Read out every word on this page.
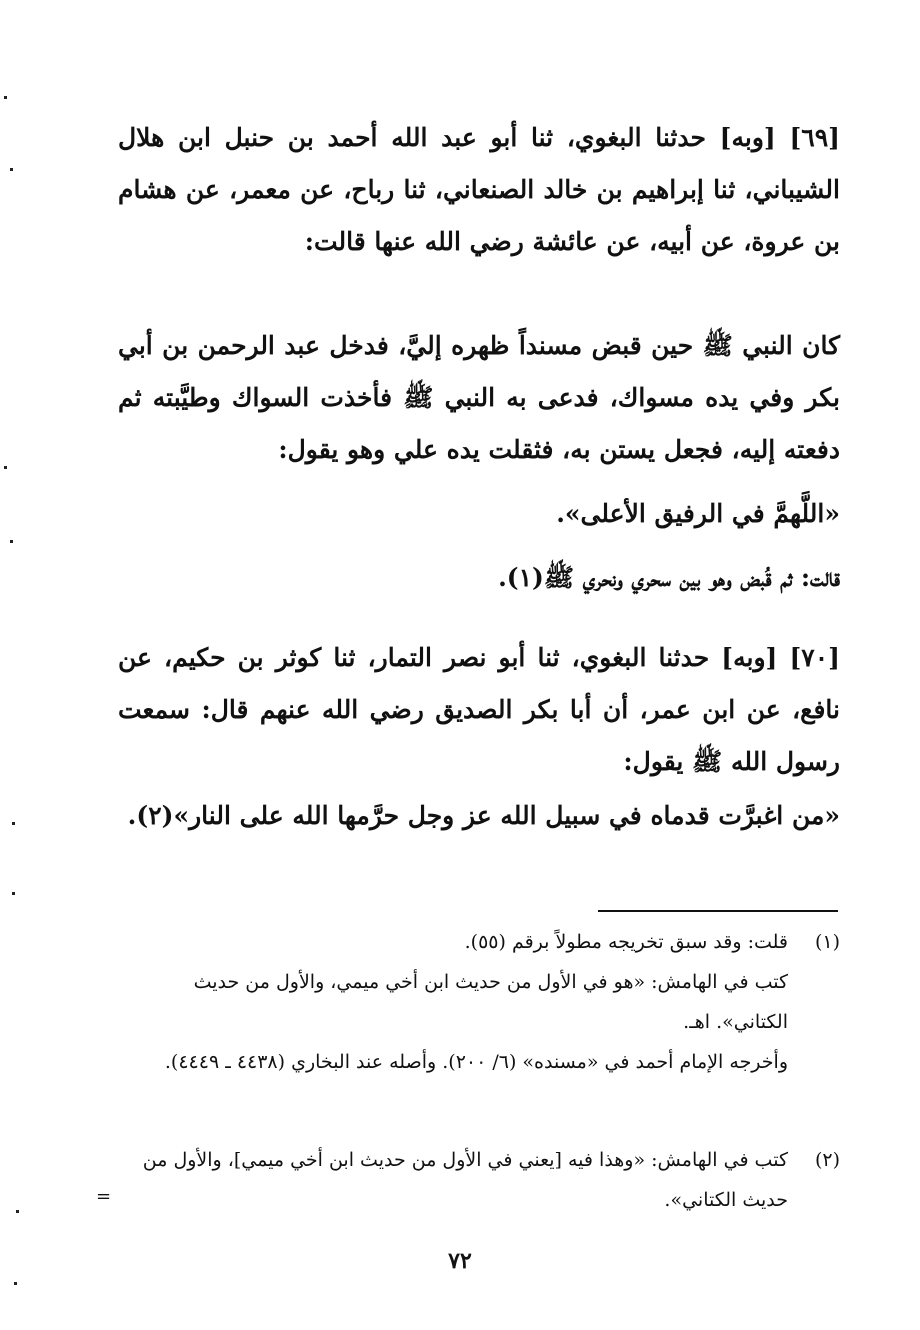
[٦٩] [وبه] حدثنا البغوي، ثنا أبو عبد الله أحمد بن حنبل ابن هلال الشيباني، ثنا إبراهيم بن خالد الصنعاني، ثنا رباح، عن معمر، عن هشام بن عروة، عن أبيه، عن عائشة رضي الله عنها قالت:

كان النبي ﷺ حين قبض مسنداً ظهره إليَّ، فدخل عبد الرحمن بن أبي بكر وفي يده مسواك، فدعى به النبي ﷺ فأخذت السواك وطيَّبته ثم دفعته إليه، فجعل يستن به، فثقلت يده علي وهو يقول:

«اللَّهمَّ في الرفيق الأعلى».

قالت: ثم قُبض وهو بين سحري ونحري ﷺ(١).

[٧٠] [وبه] حدثنا البغوي، ثنا أبو نصر التمار، ثنا كوثر بن حكيم، عن نافع، عن ابن عمر، أن أبا بكر الصديق رضي الله عنهم قال: سمعت رسول الله ﷺ يقول:

«من اغبرَّت قدماه في سبيل الله عز وجل حرَّمها الله على النار»(٢).

(١)
قلت: وقد سبق تخريجه مطولاً برقم (٥٥).
كتب في الهامش: «هو في الأول من حديث ابن أخي ميمي، والأول من حديث الكتاني». اهـ.
وأخرجه الإمام أحمد في «مسنده» (٦/ ٢٠٠). وأصله عند البخاري (٤٤٣٨ ـ ٤٤٤٩).
(٢)
كتب في الهامش: «وهذا فيه [يعني في الأول من حديث ابن أخي ميمي]، والأول من حديث الكتاني».
=
٧٢
